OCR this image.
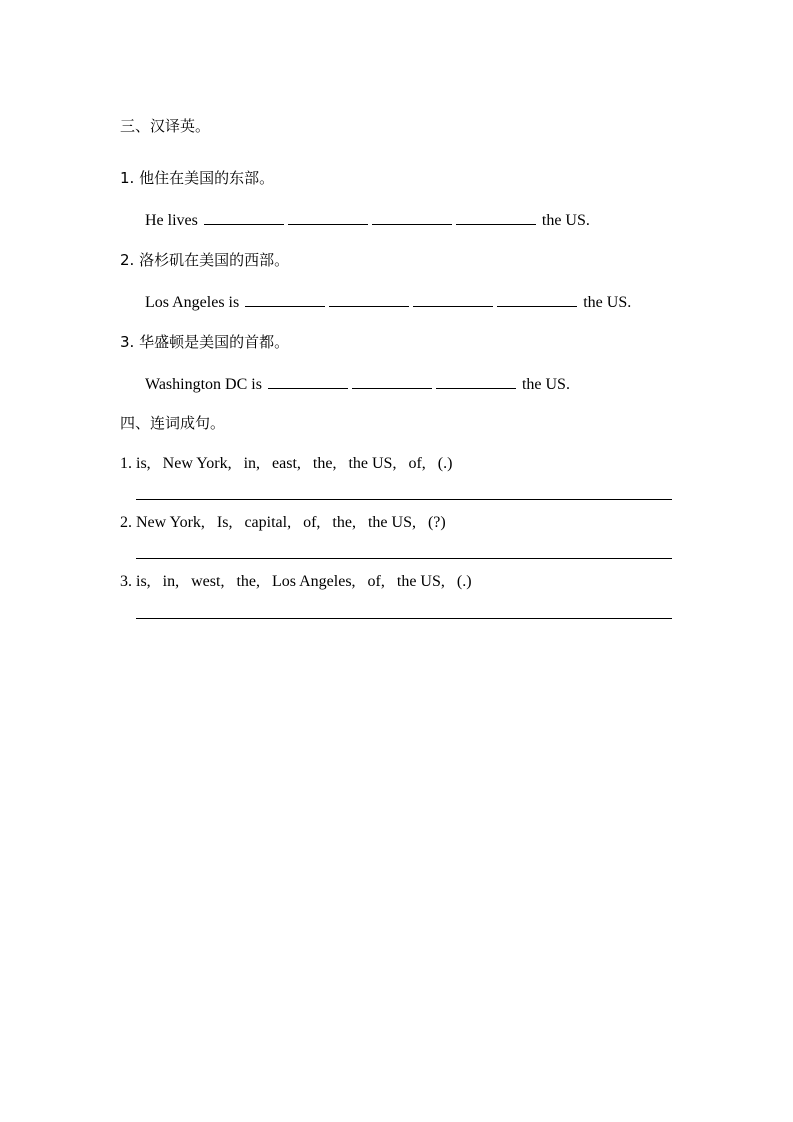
三、汉译英。
1. 他住在美国的东部。
He lives	the US.
2. 洛杉矶在美国的西部。
Los Angeles is	the US.
3. 华盛顿是美国的首都。
Washington DC is	the US.
四、连词成句。
1. is,   New York,   in,   east,   the,   the US,   of,   (.)
2. New York,   Is,   capital,   of,   the,   the US,   (?)
3. is,   in,   west,   the,   Los Angeles,   of,   the US,   (.)
